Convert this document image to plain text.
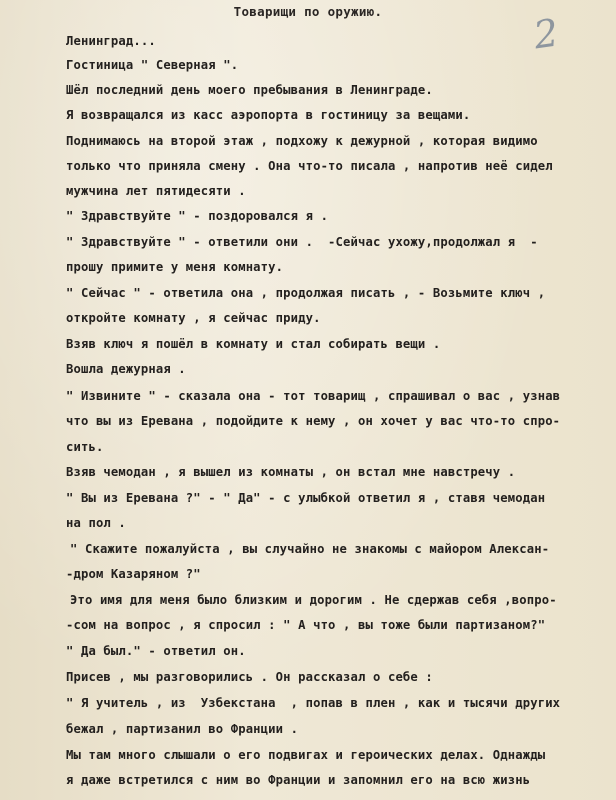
Товарищи по оружию.	2
Ленинград...
Гостиница " Северная ".
Шёл последний день моего пребывания в Ленинграде.
Я возвращался из касс аэропорта в гостиницу за вещами.
Поднимаюсь на второй этаж , подхожу к дежурной , которая видимо
только что приняла смену . Она что-то писала , напротив неё сидел
мужчина лет пятидесяти .
" Здравствуйте " - поздоровался я .
" Здравствуйте " - ответили они .  -Сейчас ухожу,продолжал я  -
прошу примите у меня комнату.
" Сейчас " - ответила она , продолжая писать , - Возьмите ключ ,
откройте комнату , я сейчас приду.
Взяв ключ я пошёл в комнату и стал собирать вещи .
Вошла дежурная .
" Извините " - сказала она - тот товарищ , спрашивал о вас , узнав
что вы из Еревана , подойдите к нему , он хочет у вас что-то спро-
сить.
Взяв чемодан , я вышел из комнаты , он встал мне навстречу .
" Вы из Еревана ?" - " Да" - с улыбкой ответил я , ставя чемодан
на пол .
" Скажите пожалуйста , вы случайно не знакомы с майором Алексан-
-дром Казаряном ?"
Это имя для меня было близким и дорогим . Не сдержав себя ,вопро-
-сом на вопрос , я спросил : " А что , вы тоже были партизаном?"
" Да был." - ответил он.
Присев , мы разговорились . Он рассказал о себе :
" Я учитель , из  Узбекстана  , попав в плен , как и тысячи других
бежал , партизанил во Франции .
Мы там много слышали о его подвигах и героических делах. Однажды
я даже встретился с ним во Франции и запомнил его на всю жизнь
